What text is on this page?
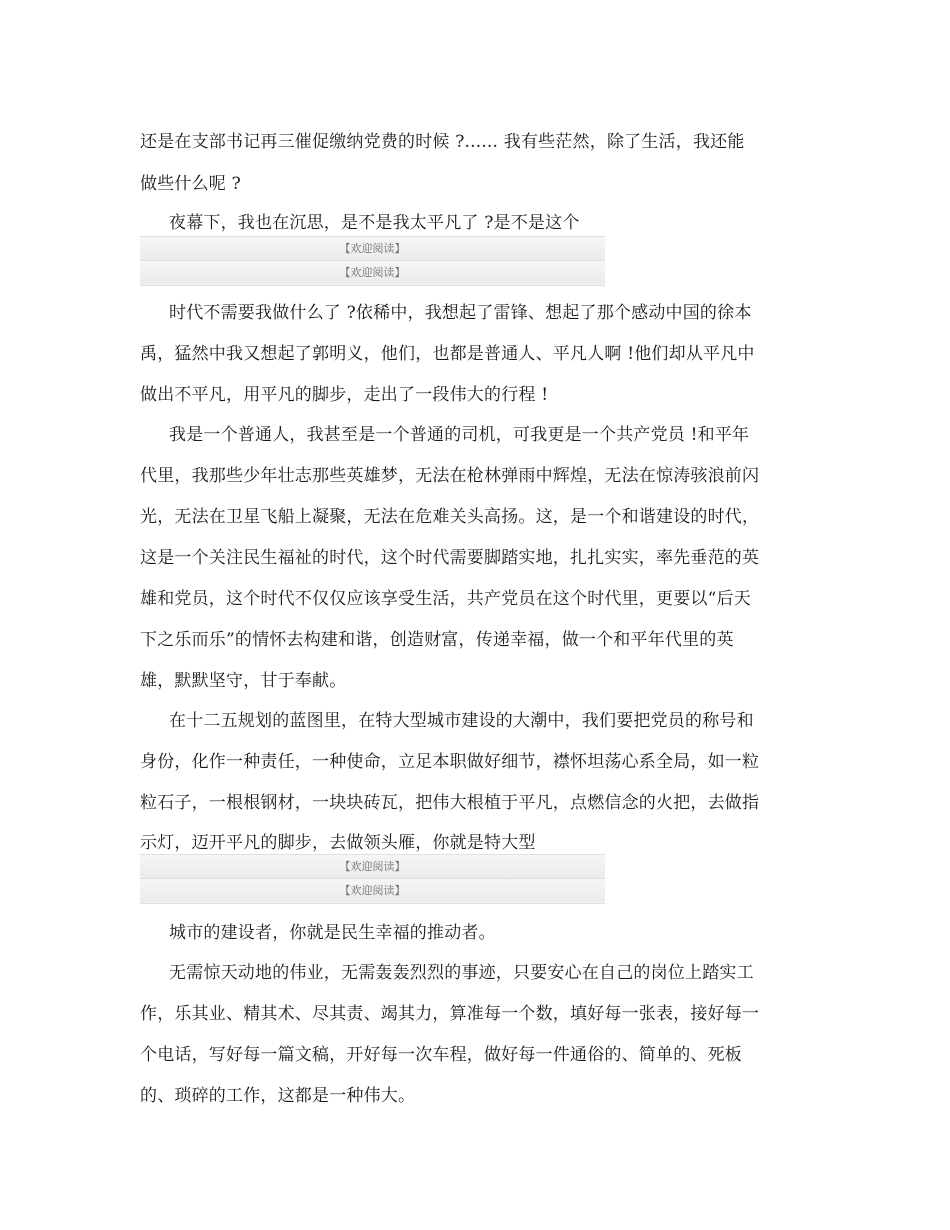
还是在支部书记再三催促缴纳党费的时候 ?...... 我有些茫然，除了生活，我还能
做些什么呢 ?
夜幕下，我也在沉思，是不是我太平凡了 ?是不是这个
【欢迎阅读】
【欢迎阅读】
时代不需要我做什么了 ?依稀中，我想起了雷锋、想起了那个感动中国的徐本
禹，猛然中我又想起了郭明义，他们，也都是普通人、平凡人啊 !他们却从平凡中
做出不平凡，用平凡的脚步，走出了一段伟大的行程 !
我是一个普通人，我甚至是一个普通的司机，可我更是一个共产党员 !和平年
代里，我那些少年壮志那些英雄梦，无法在枪林弹雨中辉煌，无法在惊涛骇浪前闪
光，无法在卫星飞船上凝聚，无法在危难关头高扬。这，是一个和谐建设的时代，
这是一个关注民生福祉的时代，这个时代需要脚踏实地，扎扎实实，率先垂范的英
雄和党员，这个时代不仅仅应该享受生活，共产党员在这个时代里，更要以“后天
下之乐而乐”的情怀去构建和谐，创造财富，传递幸福，做一个和平年代里的英
雄，默默坚守，甘于奉献。
在十二五规划的蓝图里，在特大型城市建设的大潮中，我们要把党员的称号和
身份，化作一种责任，一种使命，立足本职做好细节，襟怀坦荡心系全局，如一粒
粒石子，一根根钢材，一块块砖瓦，把伟大根植于平凡，点燃信念的火把，去做指
示灯，迈开平凡的脚步，去做领头雁，你就是特大型
【欢迎阅读】
【欢迎阅读】
城市的建设者，你就是民生幸福的推动者。
无需惊天动地的伟业，无需轰轰烈烈的事迹，只要安心在自己的岗位上踏实工
作，乐其业、精其术、尽其责、竭其力，算准每一个数，填好每一张表，接好每一
个电话，写好每一篇文稿，开好每一次车程，做好每一件通俗的、简单的、死板
的、琐碎的工作，这都是一种伟大。
